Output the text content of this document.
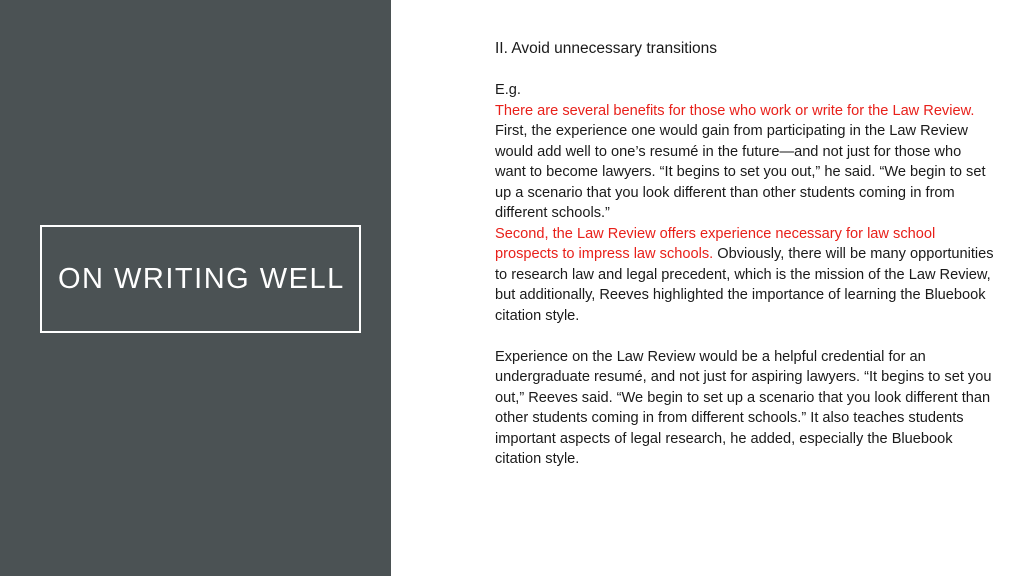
ON WRITING WELL
II. Avoid unnecessary transitions
E.g.

There are several benefits for those who work or write for the Law Review. First, the experience one would gain from participating in the Law Review would add well to one’s resumé in the future—and not just for those who want to become lawyers. “It begins to set you out,” he said. “We begin to set up a scenario that you look different than other students coming in from different schools.”
Second, the Law Review offers experience necessary for law school prospects to impress law schools. Obviously, there will be many opportunities to research law and legal precedent, which is the mission of the Law Review, but additionally, Reeves highlighted the importance of learning the Bluebook citation style.

Experience on the Law Review would be a helpful credential for an undergraduate resumé, and not just for aspiring lawyers. “It begins to set you out,” Reeves said. “We begin to set up a scenario that you look different than other students coming in from different schools.” It also teaches students important aspects of legal research, he added, especially the Bluebook citation style.
